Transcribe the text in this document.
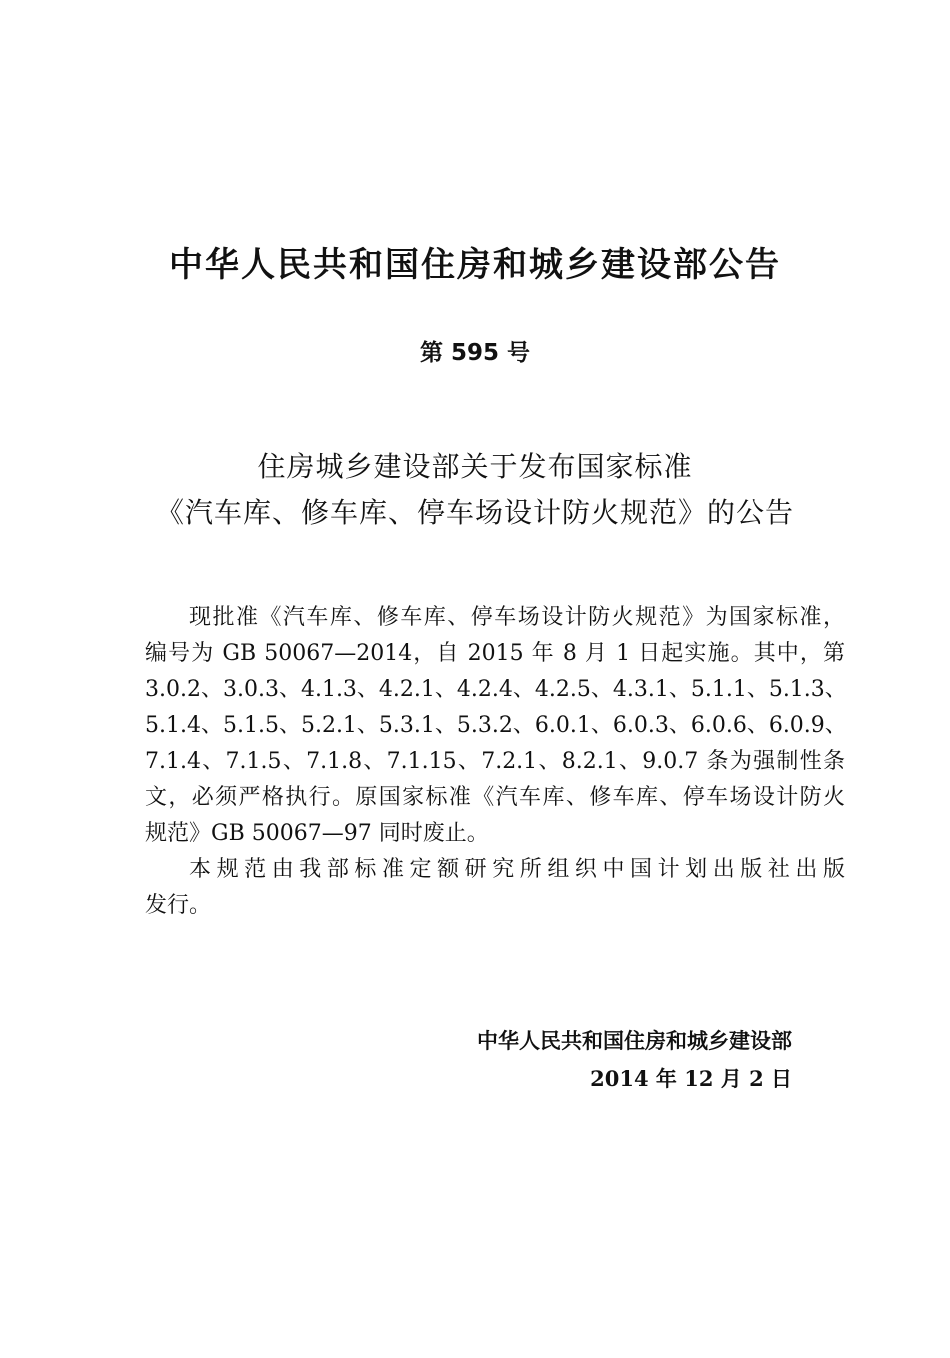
中华人民共和国住房和城乡建设部公告
第 595 号
住房城乡建设部关于发布国家标准
《汽车库、修车库、停车场设计防火规范》的公告
现批准《汽车库、修车库、停车场设计防火规范》为国家标准，
编号为 GB 50067—2014，自 2015 年 8 月 1 日起实施。其中，第
3.0.2、3.0.3、4.1.3、4.2.1、4.2.4、4.2.5、4.3.1、5.1.1、5.1.3、
5.1.4、5.1.5、5.2.1、5.3.1、5.3.2、6.0.1、6.0.3、6.0.6、6.0.9、
7.1.4、7.1.5、7.1.8、7.1.15、7.2.1、8.2.1、9.0.7 条为强制性条
文，必须严格执行。原国家标准《汽车库、修车库、停车场设计防火
规范》GB 50067—97 同时废止。
本规范由我部标准定额研究所组织中国计划出版社出版
发行。
中华人民共和国住房和城乡建设部
2014 年 12 月 2 日
